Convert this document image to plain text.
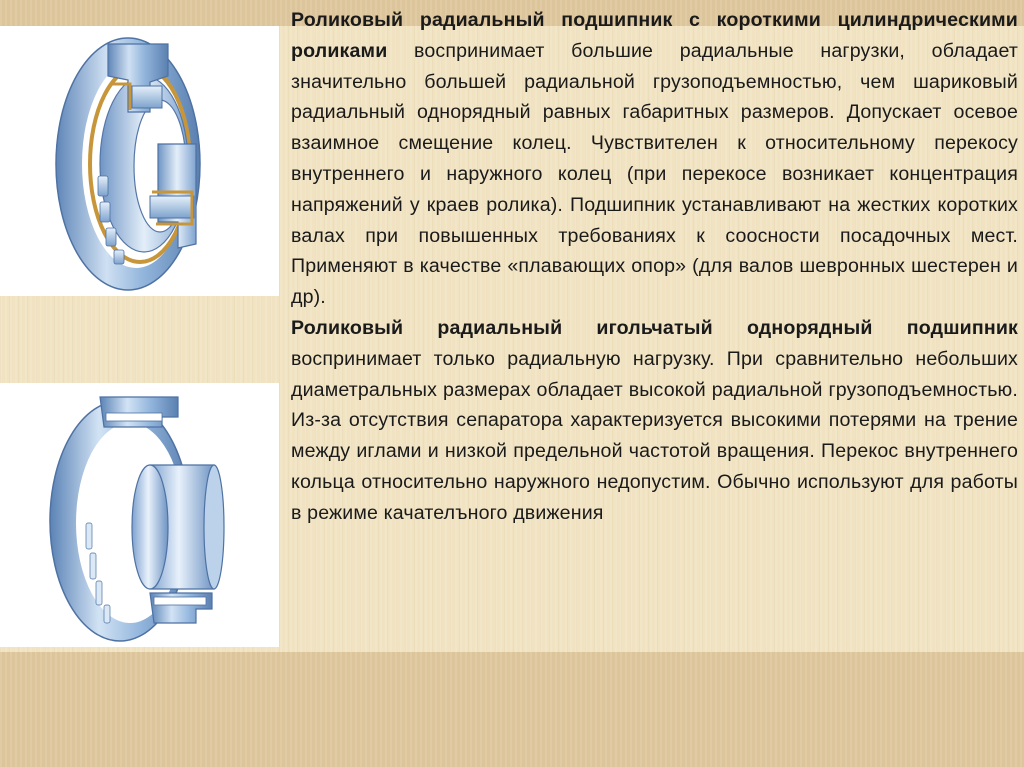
Роликовый радиальный подшипник с короткими цилиндрическими роликами воспринимает большие радиальные нагрузки, обладает значительно большей радиальной грузоподъемностью, чем шариковый радиальный однорядный равных габаритных размеров. Допускает осевое взаимное смещение колец. Чувствителен к относительному перекосу внутреннего и наружного колец (при перекосе возникает концентрация напряжений у краев ролика). Подшипник устанавливают на жестких коротких валах при повышенных требованиях к соосности посадочных мест. Применяют в качестве «плавающих опор» (для валов шевронных шестерен и др).

Роликовый радиальный игольчатый однорядный подшипник воспринимает только радиальную нагрузку. При сравнительно небольших диаметральных размерах обладает высокой радиальной грузоподъемностью. Из-за отсутствия сепаратора характеризуется высокими потерями на трение между иглами и низкой предельной частотой вращения. Перекос внутреннего кольца относительно наружного недопустим. Обычно используют для работы в режиме качателъного движения
